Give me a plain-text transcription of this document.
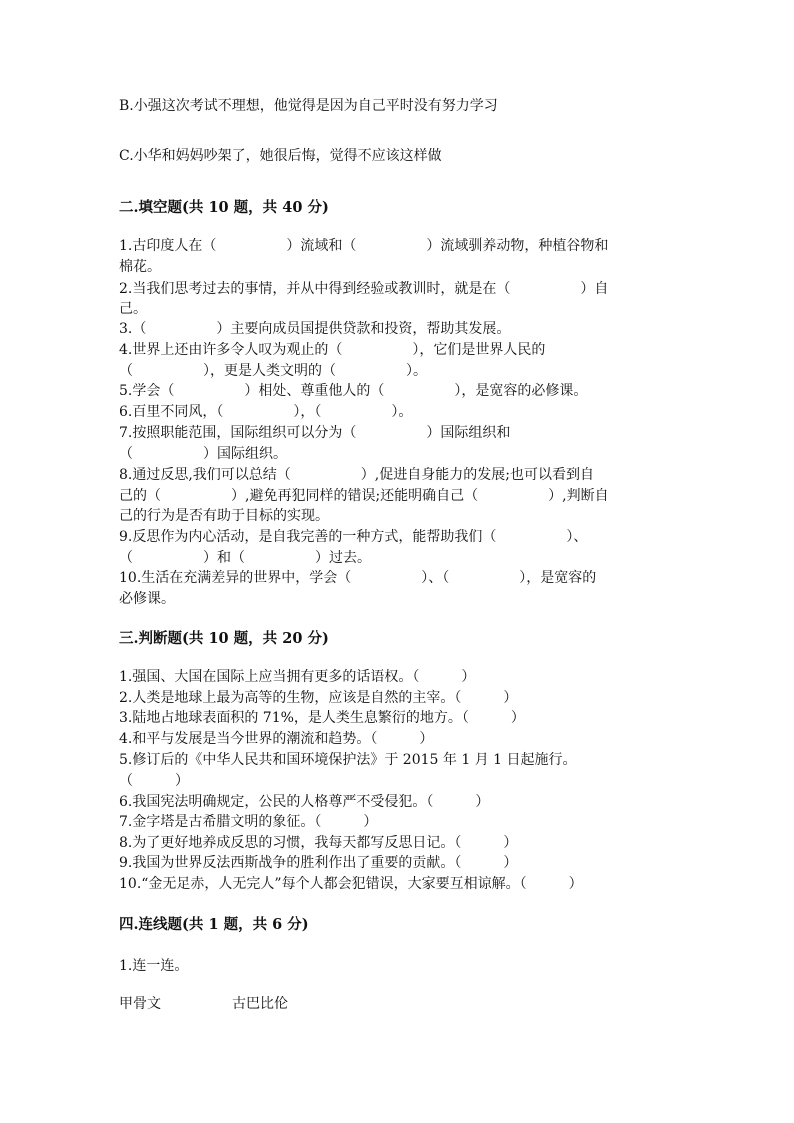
B.小强这次考试不理想，他觉得是因为自己平时没有努力学习
C.小华和妈妈吵架了，她很后悔，觉得不应该这样做
二.填空题(共 10 题，共 40 分)
1.古印度人在（　　　　　）流域和（　　　　　）流域驯养动物，种植谷物和
棉花。
2.当我们思考过去的事情，并从中得到经验或教训时，就是在（　　　　　）自
己。
3.（　　　　　）主要向成员国提供贷款和投资，帮助其发展。
4.世界上还由许多令人叹为观止的（　　　　　），它们是世界人民的
（　　　　　），更是人类文明的（　　　　　）。
5.学会（　　　　　）相处、尊重他人的（　　　　　），是宽容的必修课。
6.百里不同风，（　　　　　），（　　　　　）。
7.按照职能范围，国际组织可以分为（　　　　　）国际组织和
（　　　　　）国际组织。
8.通过反思,我们可以总结（　　　　　）,促进自身能力的发展;也可以看到自
己的（　　　　　）,避免再犯同样的错误;还能明确自己（　　　　　）,判断自
己的行为是否有助于目标的实现。
9.反思作为内心活动，是自我完善的一种方式，能帮助我们（　　　　　）、
（　　　　　）和（　　　　　）过去。
10.生活在充满差异的世界中，学会（　　　　　）、（　　　　　），是宽容的
必修课。
三.判断题(共 10 题，共 20 分)
1.强国、大国在国际上应当拥有更多的话语权。（　　　）
2.人类是地球上最为高等的生物，应该是自然的主宰。（　　　）
3.陆地占地球表面积的 71%，是人类生息繁衍的地方。（　　　）
4.和平与发展是当今世界的潮流和趋势。（　　　）
5.修订后的《中华人民共和国环境保护法》于 2015 年 1 月 1 日起施行。
（　　　）
6.我国宪法明确规定，公民的人格尊严不受侵犯。（　　　）
7.金字塔是古希腊文明的象征。（　　　）
8.为了更好地养成反思的习惯，我每天都写反思日记。（　　　）
9.我国为世界反法西斯战争的胜利作出了重要的贡献。（　　　）
10.“金无足赤，人无完人”每个人都会犯错误，大家要互相谅解。（　　　）
四.连线题(共 1 题，共 6 分)
1.连一连。
甲骨文	古巴比伦
